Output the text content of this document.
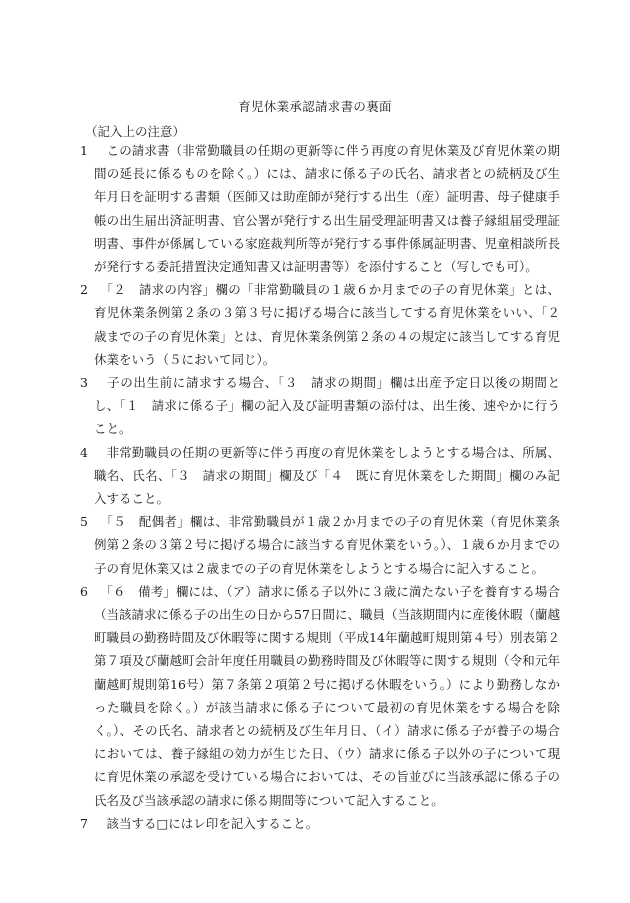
育児休業承認請求書の裏面
（記入上の注意）
1 　この請求書（非常勤職員の任期の更新等に伴う再度の育児休業及び育児休業の期間の延長に係るものを除く。）には、請求に係る子の氏名、請求者との続柄及び生年月日を証明する書類（医師又は助産師が発行する出生（産）証明書、母子健康手帳の出生届出済証明書、官公署が発行する出生届受理証明書又は養子縁組届受理証明書、事件が係属している家庭裁判所等が発行する事件係属証明書、児童相談所長が発行する委託措置決定通知書又は証明書等）を添付すること（写しでも可）。
2 　「２　請求の内容」欄の「非常勤職員の１歳６か月までの子の育児休業」とは、育児休業条例第２条の３第３号に掲げる場合に該当してする育児休業をいい、「２歳までの子の育児休業」とは、育児休業条例第２条の４の規定に該当してする育児休業をいう（５において同じ）。
3 　子の出生前に請求する場合、「３　請求の期間」欄は出産予定日以後の期間とし、「１　請求に係る子」欄の記入及び証明書類の添付は、出生後、速やかに行うこと。
4 　非常勤職員の任期の更新等に伴う再度の育児休業をしようとする場合は、所属、職名、氏名、「３　請求の期間」欄及び「４　既に育児休業をした期間」欄のみ記入すること。
5 　「５　配偶者」欄は、非常勤職員が１歳２か月までの子の育児休業（育児休業条例第２条の３第２号に掲げる場合に該当する育児休業をいう。）、１歳６か月までの子の育児休業又は２歳までの子の育児休業をしようとする場合に記入すること。
6 　「６　備考」欄には、（ア）請求に係る子以外に３歳に満たない子を養育する場合（当該請求に係る子の出生の日から57日間に、職員（当該期間内に産後休暇（蘭越町職員の勤務時間及び休暇等に関する規則（平成14年蘭越町規則第４号）別表第２第７項及び蘭越町会計年度任用職員の勤務時間及び休暇等に関する規則（令和元年蘭越町規則第16号）第７条第２項第２号に掲げる休暇をいう。）により勤務しなかった職員を除く。）が該当請求に係る子について最初の育児休業をする場合を除く。）、その氏名、請求者との続柄及び生年月日、（イ）請求に係る子が養子の場合においては、養子縁組の効力が生じた日、（ウ）請求に係る子以外の子について現に育児休業の承認を受けている場合においては、その旨並びに当該承認に係る子の氏名及び当該承認の請求に係る期間等について記入すること。
7 　該当する□にはレ印を記入すること。
